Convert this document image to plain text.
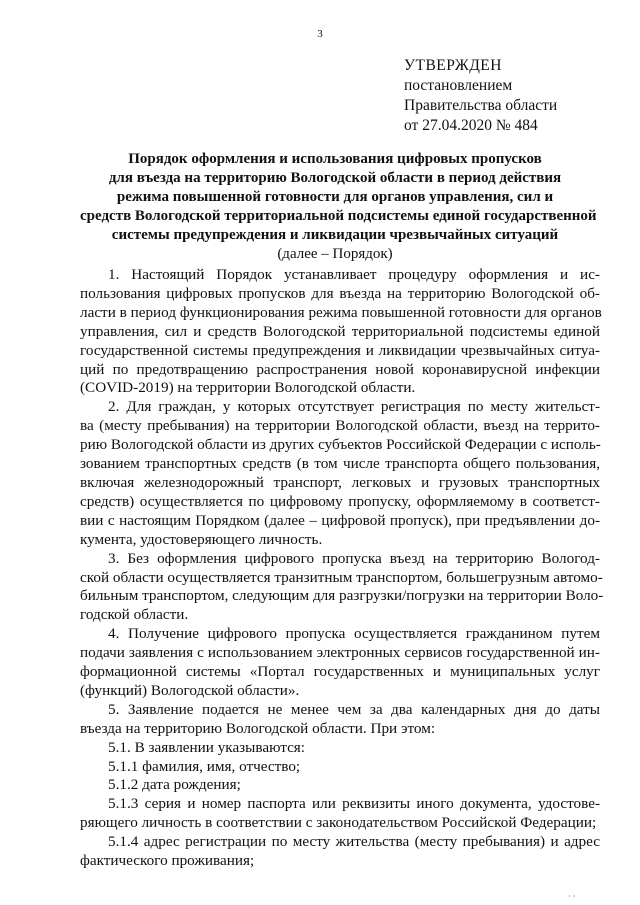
3
УТВЕРЖДЕН
постановлением
Правительства области
от 27.04.2020 № 484
Порядок оформления и использования цифровых пропусков
для въезда на территорию Вологодской области в период действия
режима повышенной готовности для органов управления, сил и
средств Вологодской территориальной подсистемы единой государственной
системы предупреждения и ликвидации чрезвычайных ситуаций
(далее – Порядок)
1. Настоящий Порядок устанавливает процедуру оформления и ис-
пользования цифровых пропусков для въезда на территорию Вологодской об-
ласти в период функционирования режима повышенной готовности для органов
управления, сил и средств Вологодской территориальной подсистемы единой
государственной системы предупреждения и ликвидации чрезвычайных ситуа-
ций по предотвращению распространения новой коронавирусной инфекции
(COVID-2019) на территории Вологодской области.
2. Для граждан, у которых отсутствует регистрация по месту жительст-
ва (месту пребывания) на территории Вологодской области, въезд на террито-
рию Вологодской области из других субъектов Российской Федерации с исполь-
зованием транспортных средств (в том числе транспорта общего пользования,
включая железнодорожный транспорт, легковых и грузовых транспортных
средств) осуществляется по цифровому пропуску, оформляемому в соответст-
вии с настоящим Порядком (далее – цифровой пропуск), при предъявлении до-
кумента, удостоверяющего личность.
3. Без оформления цифрового пропуска въезд на территорию Вологод-
ской области осуществляется транзитным транспортом, большегрузным автомо-
бильным транспортом, следующим для разгрузки/погрузки на территории Воло-
годской области.
4. Получение цифрового пропуска осуществляется гражданином путем
подачи заявления с использованием электронных сервисов государственной ин-
формационной системы «Портал государственных и муниципальных услуг
(функций) Вологодской области».
5. Заявление подается не менее чем за два календарных дня до даты
въезда на территорию Вологодской области. При этом:
5.1. В заявлении указываются:
5.1.1 фамилия, имя, отчество;
5.1.2 дата рождения;
5.1.3 серия и номер паспорта или реквизиты иного документа, удостове-
ряющего личность в соответствии с законодательством Российской Федерации;
5.1.4 адрес регистрации по месту жительства (месту пребывания) и адрес
фактического проживания;
· ·
